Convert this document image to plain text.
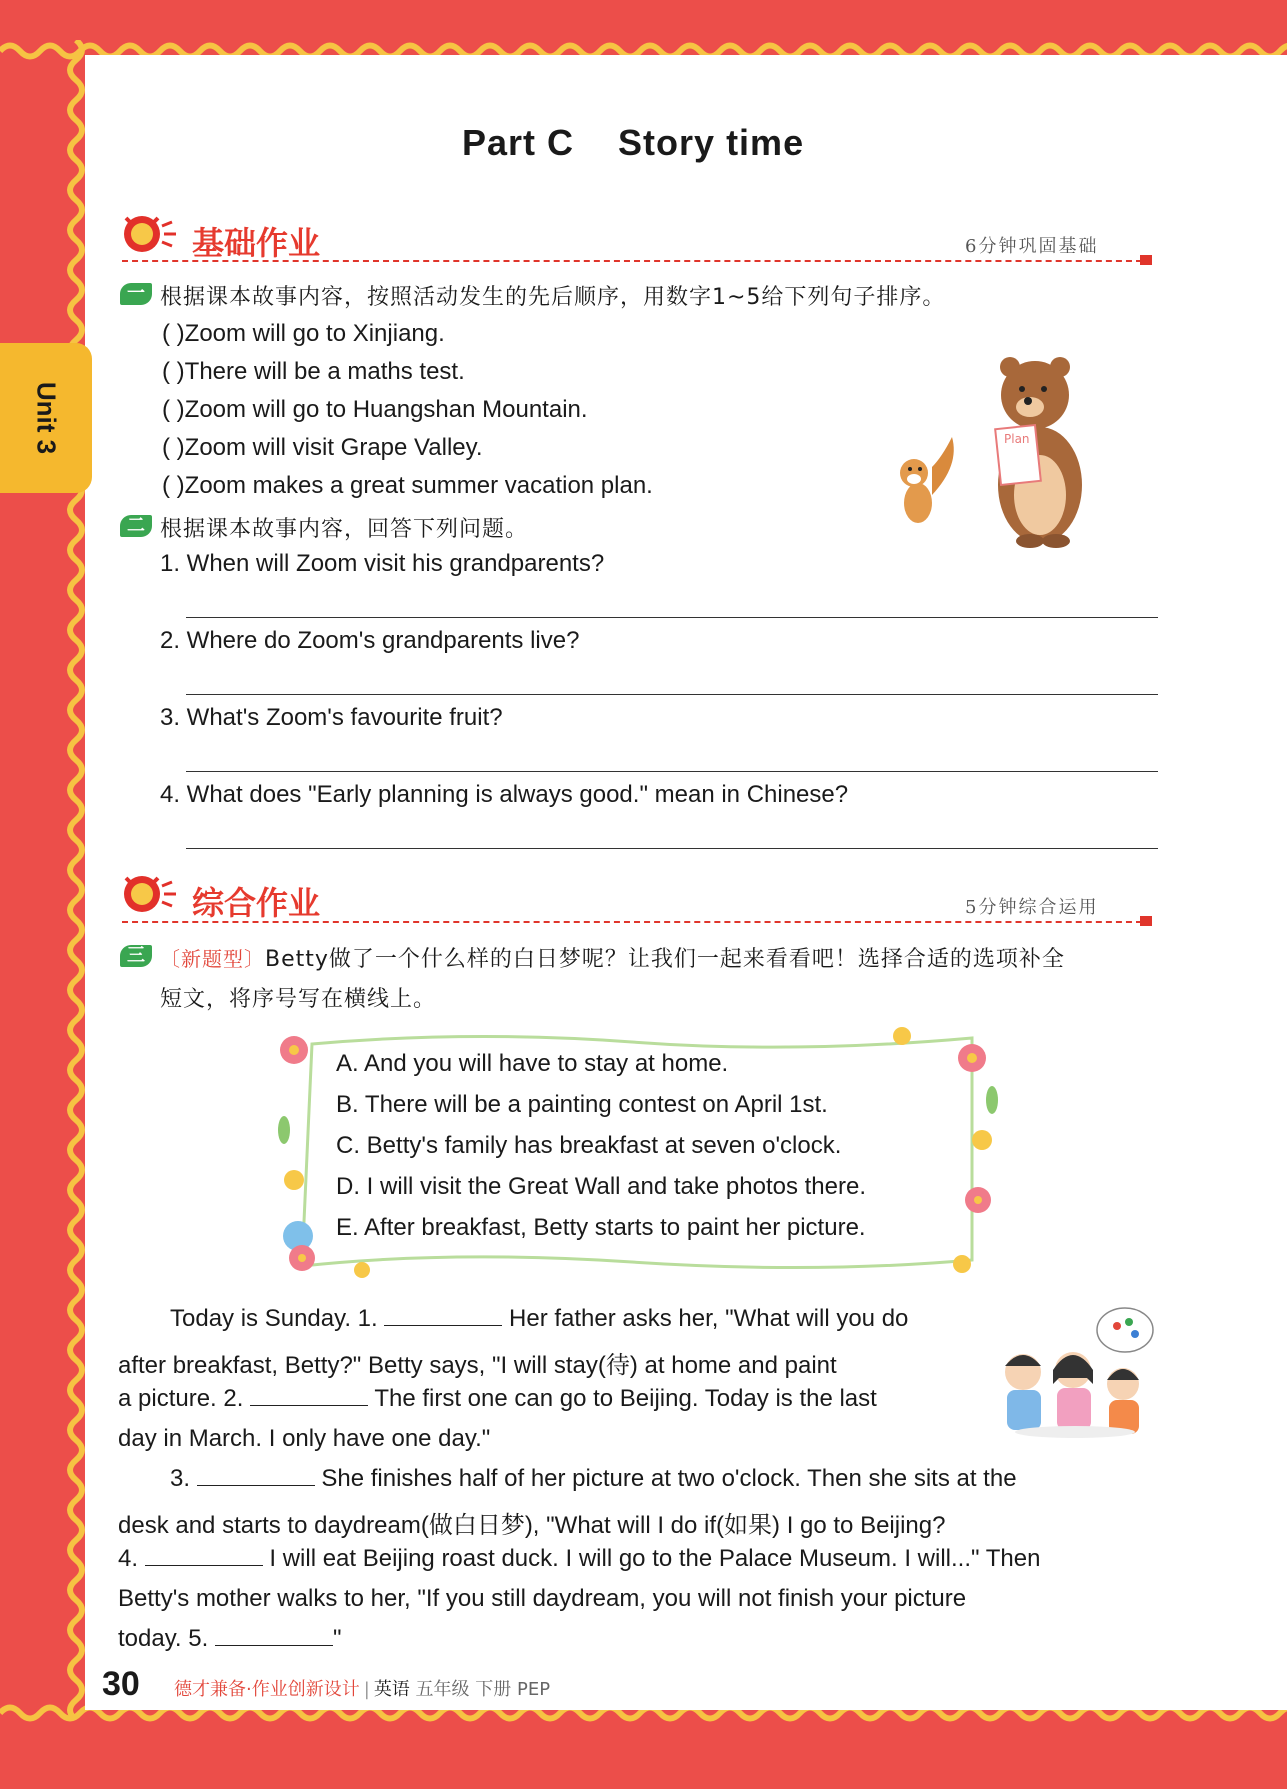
Unit 3
Part C    Story time
基础作业	6分钟巩固基础
一 根据课本故事内容，按照活动发生的先后顺序，用数字1~5给下列句子排序。
( )Zoom will go to Xinjiang.
( )There will be a maths test.
( )Zoom will go to Huangshan Mountain.
( )Zoom will visit Grape Valley.
( )Zoom makes a great summer vacation plan.
Plan
二 根据课本故事内容，回答下列问题。
1. When will Zoom visit his grandparents?
2. Where do Zoom's grandparents live?
3. What's Zoom's favourite fruit?
4. What does "Early planning is always good." mean in Chinese?
综合作业	5分钟综合运用
三 〔新题型〕Betty做了一个什么样的白日梦呢？让我们一起来看看吧！选择合适的选项补全
短文，将序号写在横线上。
A. And you will have to stay at home.
B. There will be a painting contest on April 1st.
C. Betty's family has breakfast at seven o'clock.
D. I will visit the Great Wall and take photos there.
E. After breakfast, Betty starts to paint her picture.
Today is Sunday. 1.	Her father asks her, "What will you do
after breakfast, Betty?" Betty says, "I will stay(待) at home and paint
a picture. 2.	The first one can go to Beijing. Today is the last
day in March. I only have one day."
3.	She finishes half of her picture at two o'clock. Then she sits at the
desk and starts to daydream(做白日梦), "What will I do if(如果) I go to Beijing?
4.	I will eat Beijing roast duck. I will go to the Palace Museum. I will..." Then
Betty's mother walks to her, "If you still daydream, you will not finish your picture
today. 5.	"
30 德才兼备·作业创新设计 | 英语 五年级 下册 PEP
